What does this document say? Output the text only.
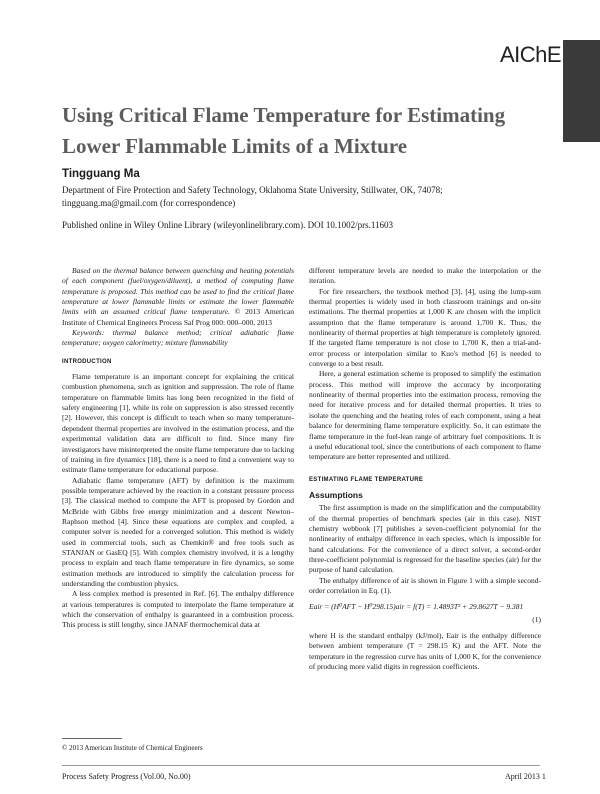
AIChE
Using Critical Flame Temperature for Estimating Lower Flammable Limits of a Mixture
Tingguang Ma
Department of Fire Protection and Safety Technology, Oklahoma State University, Stillwater, OK, 74078;
tingguang.ma@gmail.com (for correspondence)
Published online in Wiley Online Library (wileyonlinelibrary.com). DOI 10.1002/prs.11603

Based on the thermal balance between quenching and heating potentials of each component (fuel/oxygen/diluent), a method of computing flame temperature is proposed. This method can be used to find the critical flame temperature at lower flammable limits or estimate the lower flammable limits with an assumed critical flame temperature. © 2013 American Institute of Chemical Engineers Process Saf Prog 000: 000–000, 2013

Keywords: thermal balance method; critical adiabatic flame temperature; oxygen calorimetry; mixture flammability

INTRODUCTION

Flame temperature is an important concept for explaining the critical combustion phenomena, such as ignition and suppression. The role of flame temperature on flammable limits has long been recognized in the field of safety engineering [1], while its role on suppression is also stressed recently [2]. However, this concept is difficult to teach when so many temperature-dependent thermal properties are involved in the estimation process, and the experimental validation data are difficult to find. Since many fire investigators have misinterpreted the onsite flame temperature due to lacking of training in fire dynamics [18], there is a need to find a convenient way to estimate flame temperature for educational purpose.

Adiabatic flame temperature (AFT) by definition is the maximum possible temperature achieved by the reaction in a constant pressure process [3]. The classical method to compute the AFT is proposed by Gordon and McBride with Gibbs free energy minimization and a descent Newton–Raphson method [4]. Since these equations are complex and coupled, a computer solver is needed for a converged solution. This method is widely used in commercial tools, such as Chemkin® and free tools such as STANJAN or GasEQ [5]. With complex chemistry involved, it is a lengthy process to explain and teach flame temperature in fire dynamics, so some estimation methods are introduced to simplify the calculation process for understanding the combustion physics.

A less complex method is presented in Ref. [6]. The enthalpy difference at various temperatures is computed to interpolate the flame temperature at which the conservation of enthalpy is guaranteed in a combustion process. This process is still lengthy, since JANAF thermochemical data at

different temperature levels are needed to make the interpolation or the iteration.

For fire researchers, the textbook method [3], [4], using the lump-sum thermal properties is widely used in both classroom trainings and on-site estimations. The thermal properties at 1,000 K are chosen with the implicit assumption that the flame temperature is around 1,700 K. Thus, the nonlinearity of thermal properties at high temperature is completely ignored. If the targeted flame temperature is not close to 1,700 K, then a trial-and-error process or interpolation similar to Kuo's method [6] is needed to converge to a best result.

Here, a general estimation scheme is proposed to simplify the estimation process. This method will improve the accuracy by incorporating nonlinearity of thermal properties into the estimation process, removing the need for iterative process and for detailed thermal properties. It tries to isolate the quenching and the heating roles of each component, using a heat balance for determining flame temperature explicitly. So, it can estimate the flame temperature in the fuel-lean range of arbitrary fuel compositions. It is a useful educational tool, since the contributions of each component to flame temperature are better represented and utilized.

ESTIMATING FLAME TEMPERATURE
Assumptions

The first assumption is made on the simplification and the computability of the thermal properties of benchmark species (air in this case). NIST chemistry webbook [7] publishes a seven-coefficient polynomial for the nonlinearity of enthalpy difference in each species, which is impossible for hand calculations. For the convenience of a direct solver, a second-order three-coefficient polynomial is regressed for the baseline species (air) for the purpose of hand calculation.

The enthalpy difference of air is shown in Figure 1 with a simple second-order correlation in Eq. (1).

Eair = (H⁰AFT − H⁰298.15)air = f(T) = 1.4893T² + 29.8627T − 9.381
(1)

where H is the standard enthalpy (kJ/mol), Eair is the enthalpy difference between ambient temperature (T = 298.15 K) and the AFT. Note the temperature in the regression curve has units of 1,000 K, for the convenience of producing more valid digits in regression coefficients.

© 2013 American Institute of Chemical Engineers
Process Safety Progress (Vol.00, No.00)	April 2013 1
